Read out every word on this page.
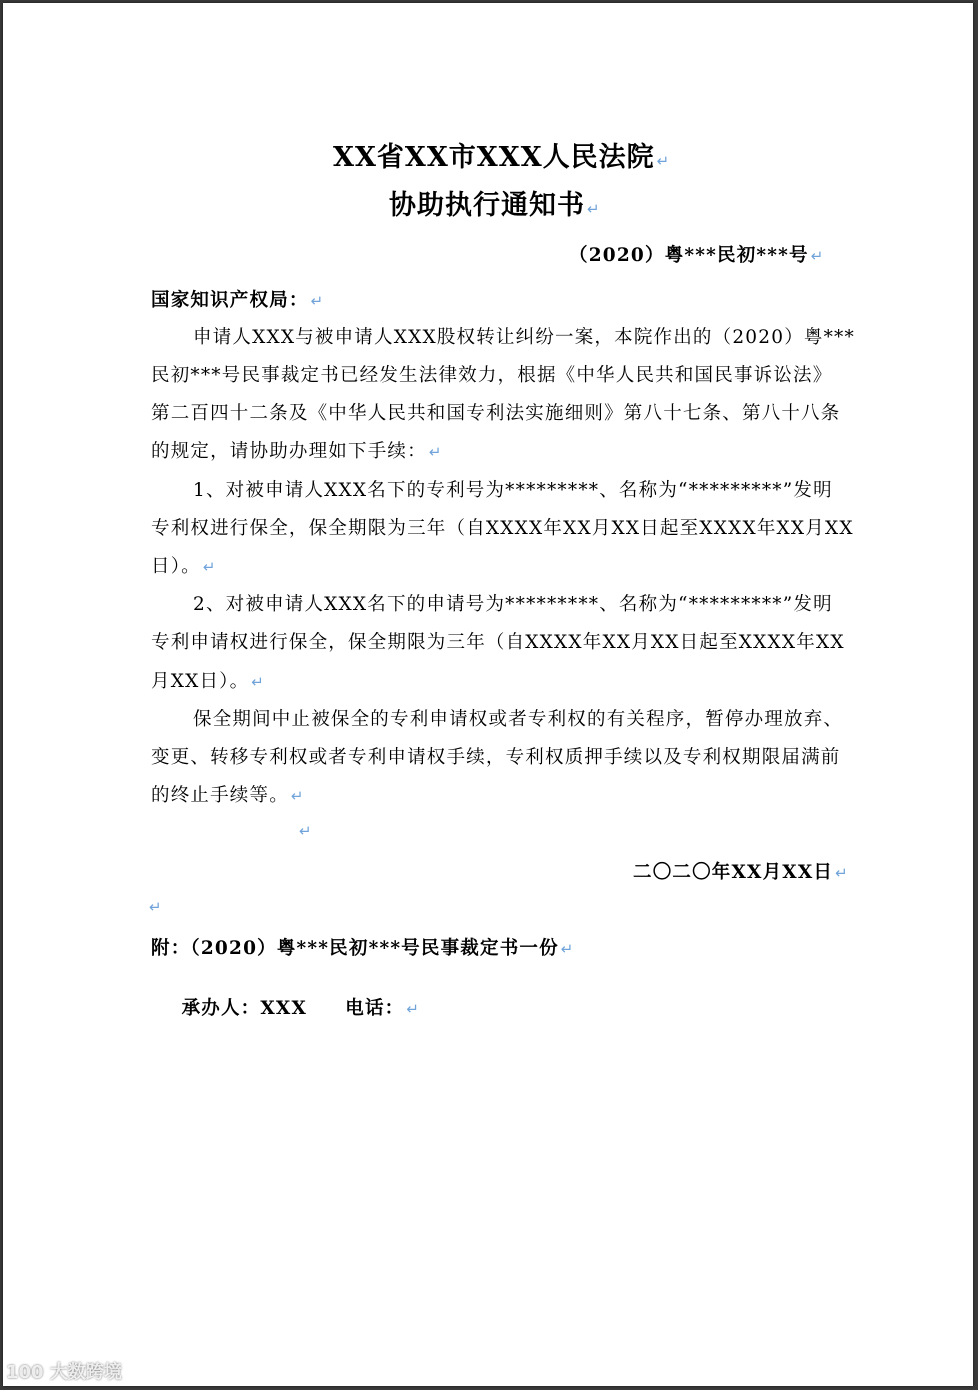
XX省XX市XXX人民法院 ↵
协助执行通知书 ↵
（2020）粤***民初***号 ↵
国家知识产权局： ↵
申请人XXX与被申请人XXX股权转让纠纷一案，本院作出的（2020）粤***
民初***号民事裁定书已经发生法律效力，根据《中华人民共和国民事诉讼法》
第二百四十二条及《中华人民共和国专利法实施细则》第八十七条、第八十八条
的规定，请协助办理如下手续： ↵
1、对被申请人XXX名下的专利号为*********、名称为“*********”发明
专利权进行保全，保全期限为三年（自XXXX年XX月XX日起至XXXX年XX月XX
日）。 ↵
2、对被申请人XXX名下的申请号为*********、名称为“*********”发明
专利申请权进行保全，保全期限为三年（自XXXX年XX月XX日起至XXXX年XX
月XX日）。 ↵
保全期间中止被保全的专利申请权或者专利权的有关程序，暂停办理放弃、
变更、转移专利权或者专利申请权手续，专利权质押手续以及专利权期限届满前
的终止手续等。 ↵
↵
二〇二〇年XX月XX日 ↵
↵
附：（2020）粤***民初***号民事裁定书一份 ↵

承办人：XXX     电话： ↵

100 大数跨境
